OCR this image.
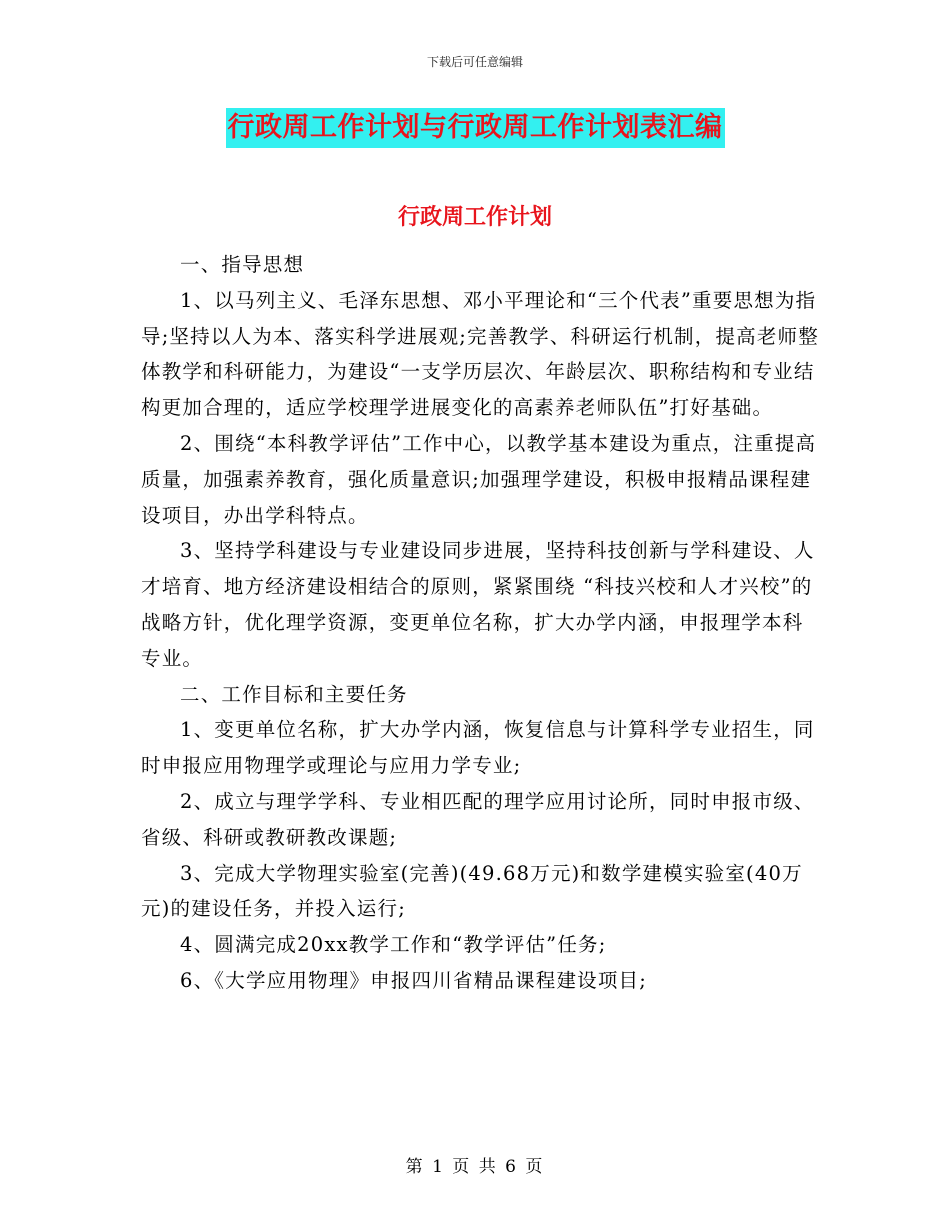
下载后可任意编辑
行政周工作计划与行政周工作计划表汇编
行政周工作计划

一、指导思想

1、以马列主义、毛泽东思想、邓小平理论和“三个代表”重要思想为指导;坚持以人为本、落实科学进展观;完善教学、科研运行机制，提高老师整体教学和科研能力，为建设“一支学历层次、年龄层次、职称结构和专业结构更加合理的，适应学校理学进展变化的高素养老师队伍”打好基础。

2、围绕“本科教学评估”工作中心，以教学基本建设为重点，注重提高质量，加强素养教育，强化质量意识;加强理学建设，积极申报精品课程建设项目，办出学科特点。

3、坚持学科建设与专业建设同步进展，坚持科技创新与学科建设、人才培育、地方经济建设相结合的原则，紧紧围绕 “科技兴校和人才兴校”的战略方针，优化理学资源，变更单位名称，扩大办学内涵，申报理学本科专业。

二、工作目标和主要任务

1、变更单位名称，扩大办学内涵，恢复信息与计算科学专业招生，同时申报应用物理学或理论与应用力学专业;

2、成立与理学学科、专业相匹配的理学应用讨论所，同时申报市级、省级、科研或教研教改课题;

3、完成大学物理实验室(完善)(49.68万元)和数学建模实验室(40万元)的建设任务，并投入运行;

4、圆满完成20xx教学工作和“教学评估”任务;

6、《大学应用物理》申报四川省精品课程建设项目;

第 1 页 共 6 页
